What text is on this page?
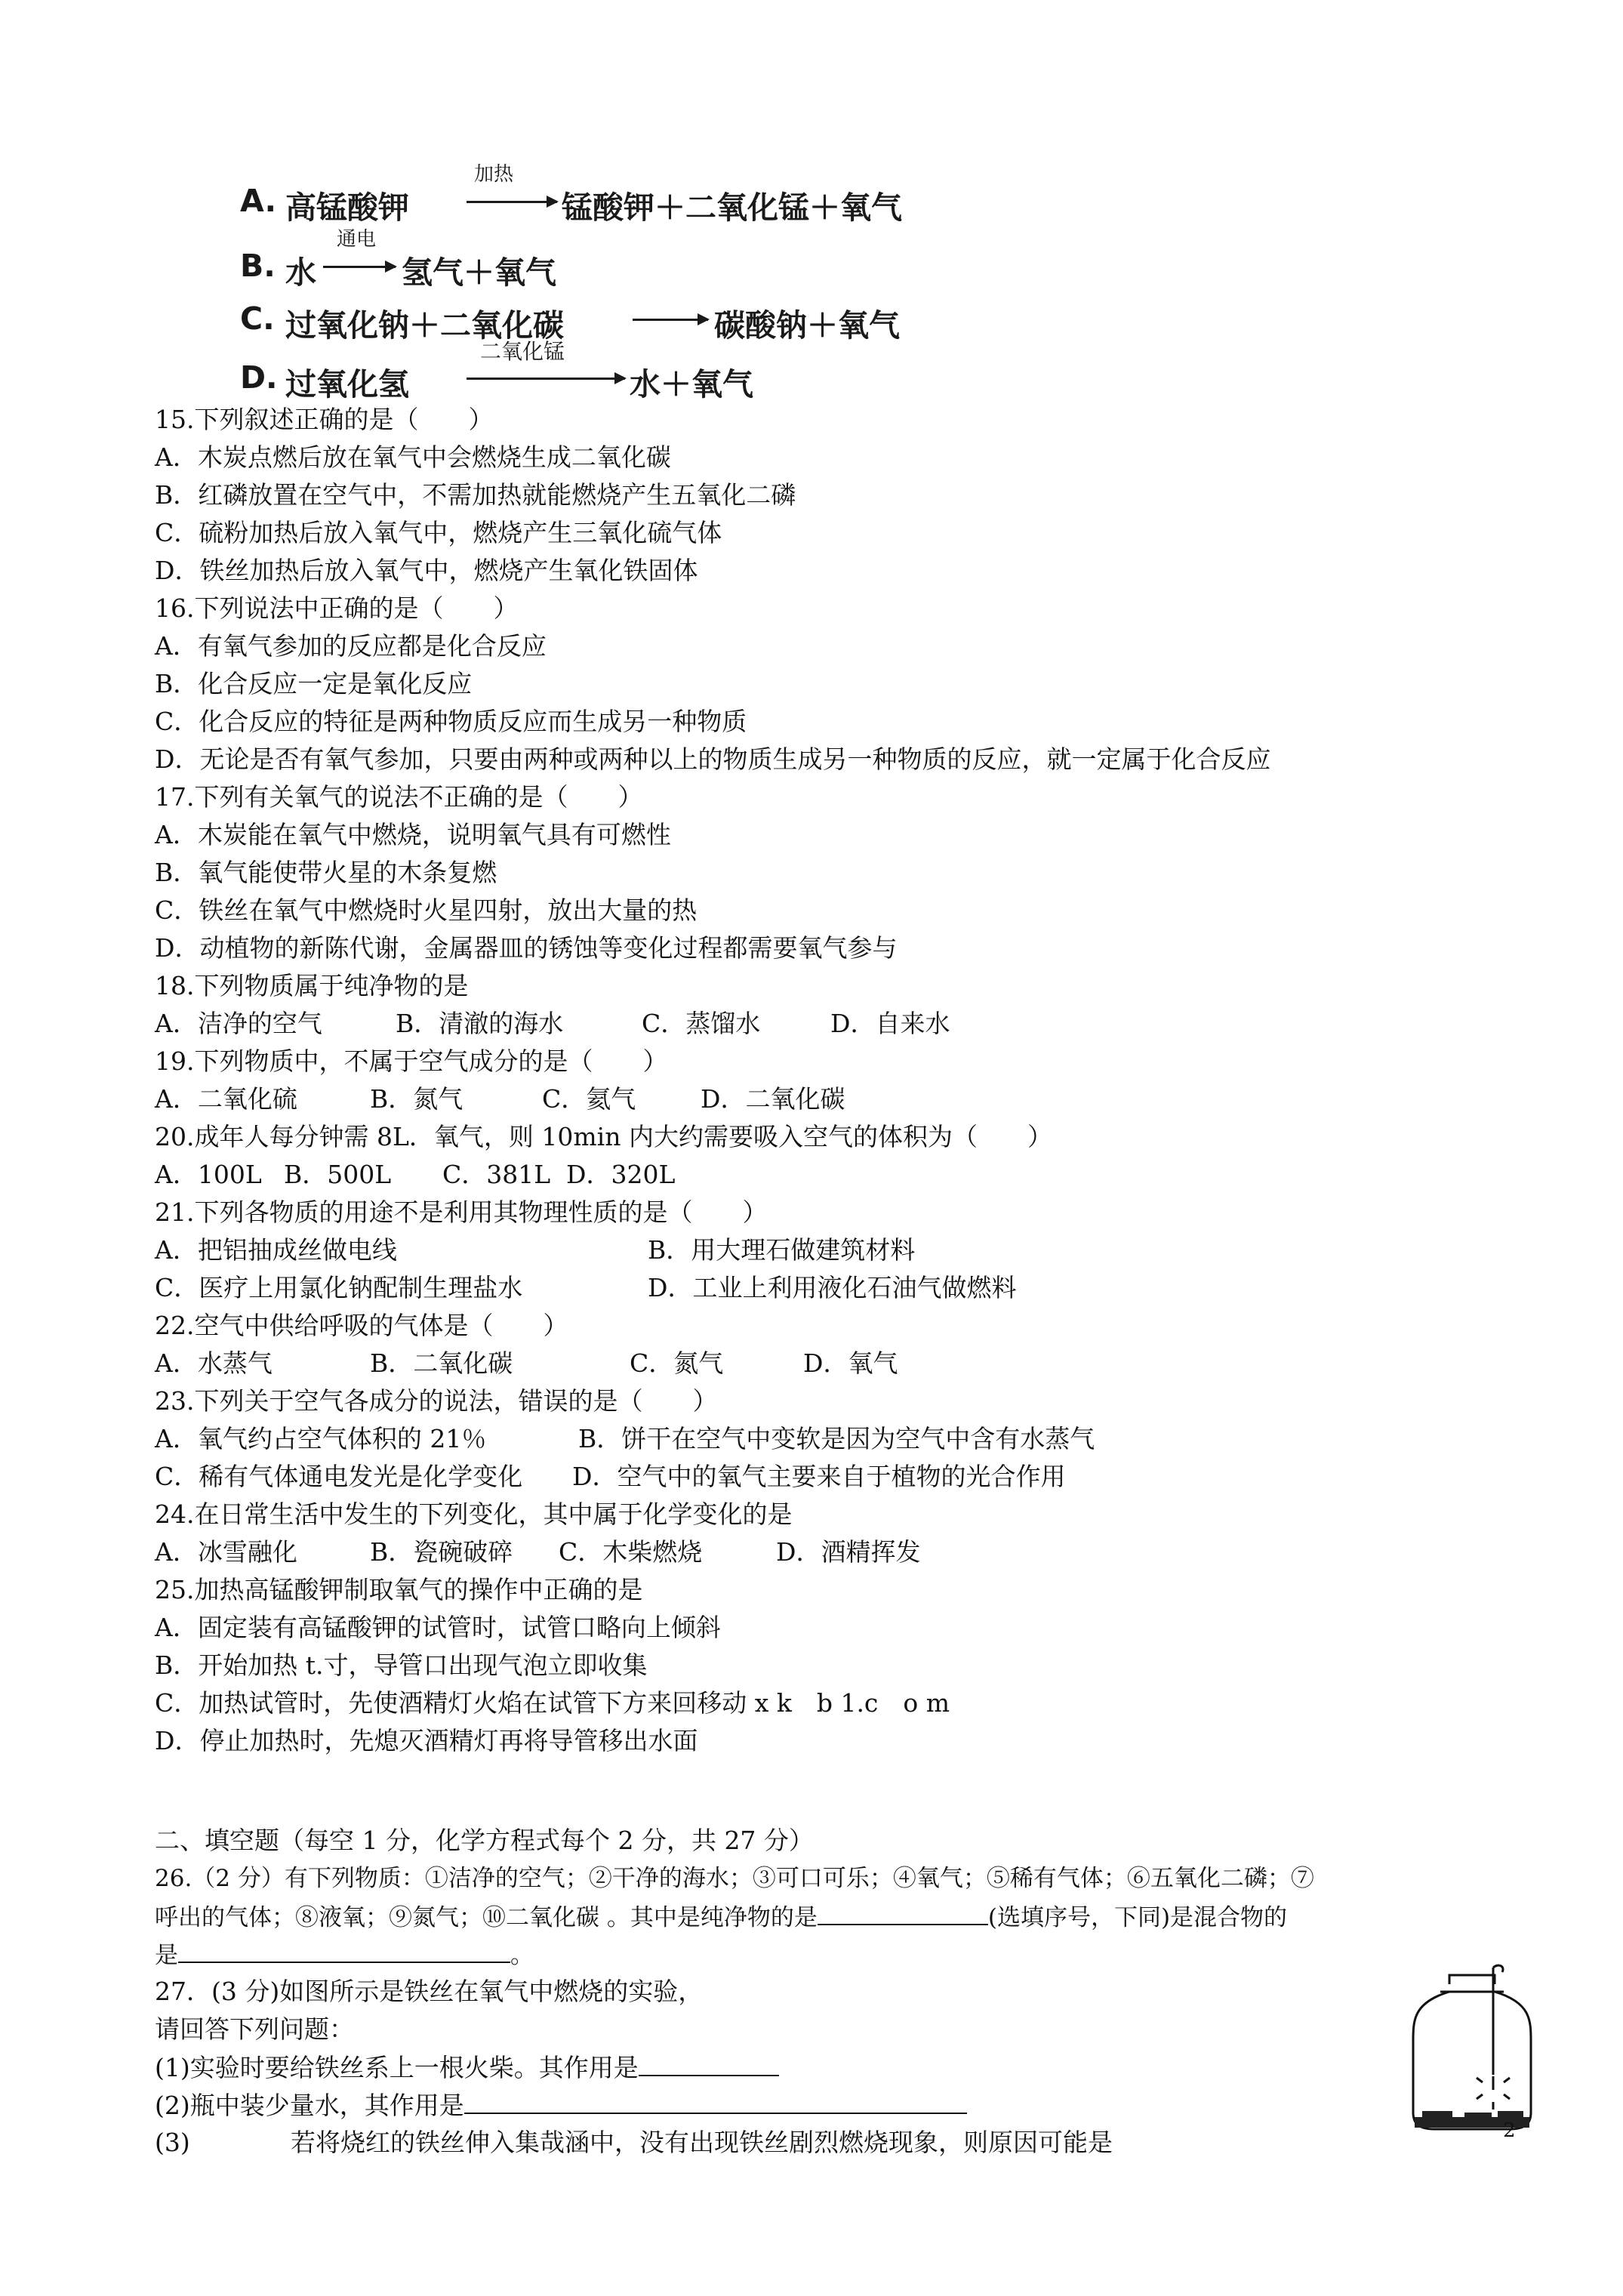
A. 高锰酸钾
加热
→ 锰酸钾＋二氧化锰＋氧气
B. 水
通电
→ 氢气＋氧气
C. 过氧化钠＋二氧化碳 → 碳酸钠＋氧气
D. 过氧化氢
二氧化锰
水＋氧气
15.下列叙述正确的是（　　）
A．木炭点燃后放在氧气中会燃烧生成二氧化碳
B．红磷放置在空气中，不需加热就能燃烧产生五氧化二磷
C．硫粉加热后放入氧气中，燃烧产生三氧化硫气体
D．铁丝加热后放入氧气中，燃烧产生氧化铁固体
16.下列说法中正确的是（　　）
A．有氧气参加的反应都是化合反应
B．化合反应一定是氧化反应
C．化合反应的特征是两种物质反应而生成另一种物质
D．无论是否有氧气参加，只要由两种或两种以上的物质生成另一种物质的反应，就一定属于化合反应
17.下列有关氧气的说法不正确的是（　　）
A．木炭能在氧气中燃烧，说明氧气具有可燃性
B．氧气能使带火星的木条复燃
C．铁丝在氧气中燃烧时火星四射，放出大量的热
D．动植物的新陈代谢，金属器皿的锈蚀等变化过程都需要氧气参与
18.下列物质属于纯净物的是
A．洁净的空气	B．清澈的海水	C．蒸馏水	D．自来水
19.下列物质中，不属于空气成分的是（　　）
A．二氧化硫	B．氮气	C．氦气	D．二氧化碳
20.成年人每分钟需 8L．氧气，则 10min 内大约需要吸入空气的体积为（　　）
A．100L B．500L C．381L D．320L
21.下列各物质的用途不是利用其物理性质的是（　　）
A．把铝抽成丝做电线	B．用大理石做建筑材料
C．医疗上用氯化钠配制生理盐水	D．工业上利用液化石油气做燃料
22.空气中供给呼吸的气体是（　　）
A．水蒸气	B．二氧化碳	C．氮气	D．氧气
23.下列关于空气各成分的说法，错误的是（　　）
A．氧气约占空气体积的 21％	B．饼干在空气中变软是因为空气中含有水蒸气
C．稀有气体通电发光是化学变化 D．空气中的氧气主要来自于植物的光合作用
24.在日常生活中发生的下列变化，其中属于化学变化的是
A．冰雪融化	B．瓷碗破碎 C．木柴燃烧	D．酒精挥发
25.加热高锰酸钾制取氧气的操作中正确的是
A．固定装有高锰酸钾的试管时，试管口略向上倾斜
B．开始加热 t.寸，导管口出现气泡立即收集
C．加热试管时，先使酒精灯火焰在试管下方来回移动 x k　b 1.c　o m
D．停止加热时，先熄灭酒精灯再将导管移出水面
二、填空题（每空 1 分，化学方程式每个 2 分，共 27 分）
26.（2 分）有下列物质：①洁净的空气；②干净的海水；③可口可乐；④氧气；⑤稀有气体；⑥五氧化二磷；⑦
呼出的气体；⑧液氧；⑨氮气；⑩二氧化碳 。其中是纯净物的是	(选填序号，下同)是混合物的
是	。
27．(3 分)如图所示是铁丝在氧气中燃烧的实验，
请回答下列问题：
(1)实验时要给铁丝系上一根火柴。其作用是
(2)瓶中装少量水，其作用是
(3)	若将烧红的铁丝伸入集哉涵中，没有出现铁丝剧烈燃烧现象，则原因可能是	2
